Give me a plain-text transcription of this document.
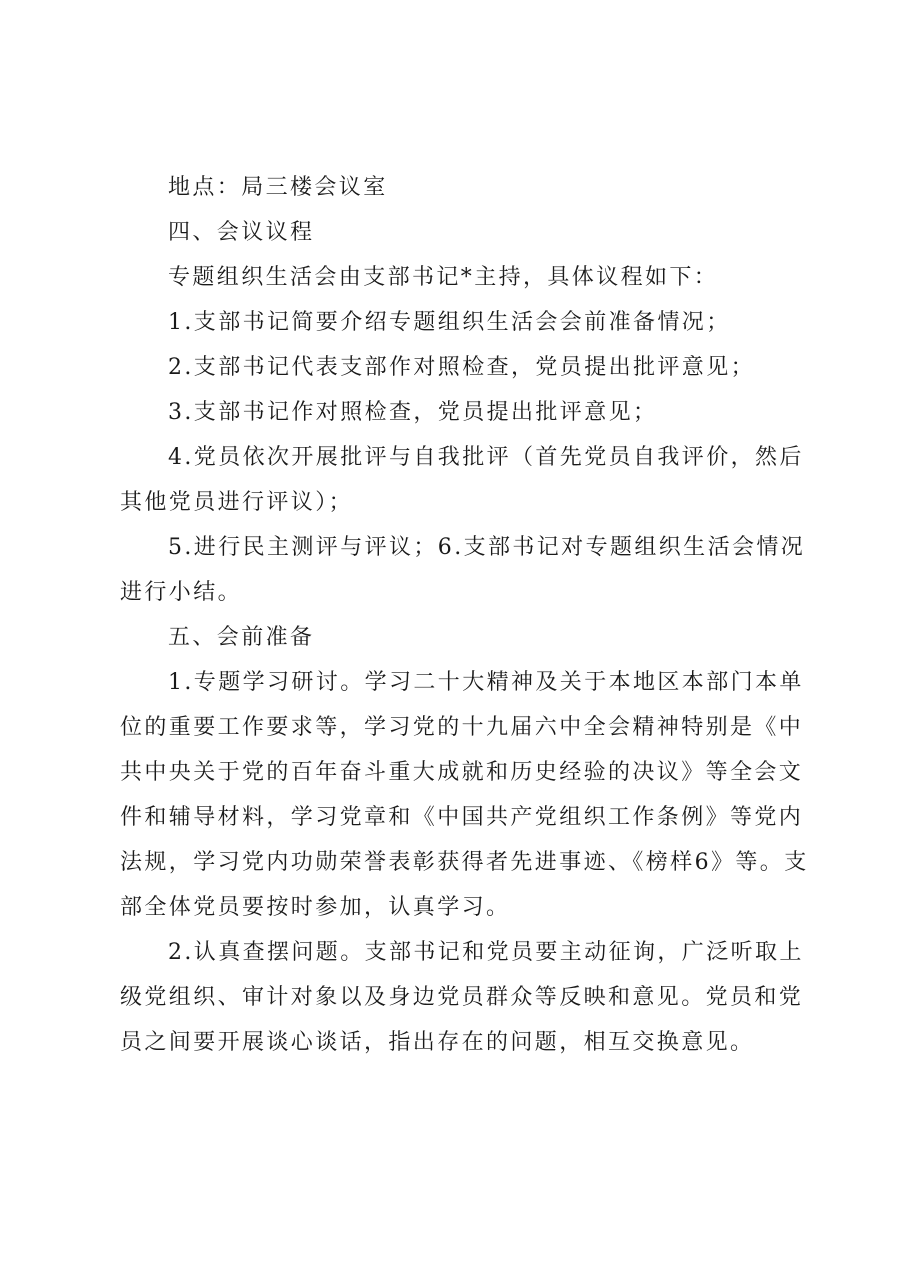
地点：局三楼会议室

四、会议议程

专题组织生活会由支部书记*主持，具体议程如下：

1.支部书记简要介绍专题组织生活会会前准备情况；

2.支部书记代表支部作对照检查，党员提出批评意见；

3.支部书记作对照检查，党员提出批评意见；

4.党员依次开展批评与自我批评（首先党员自我评价，然后其他党员进行评议）；

5.进行民主测评与评议；6.支部书记对专题组织生活会情况进行小结。

五、会前准备

1.专题学习研讨。学习二十大精神及关于本地区本部门本单位的重要工作要求等，学习党的十九届六中全会精神特别是《中共中央关于党的百年奋斗重大成就和历史经验的决议》等全会文件和辅导材料，学习党章和《中国共产党组织工作条例》等党内法规，学习党内功勋荣誉表彰获得者先进事迹、《榜样6》等。支部全体党员要按时参加，认真学习。

2.认真查摆问题。支部书记和党员要主动征询，广泛听取上级党组织、审计对象以及身边党员群众等反映和意见。党员和党员之间要开展谈心谈话，指出存在的问题，相互交换意见。
